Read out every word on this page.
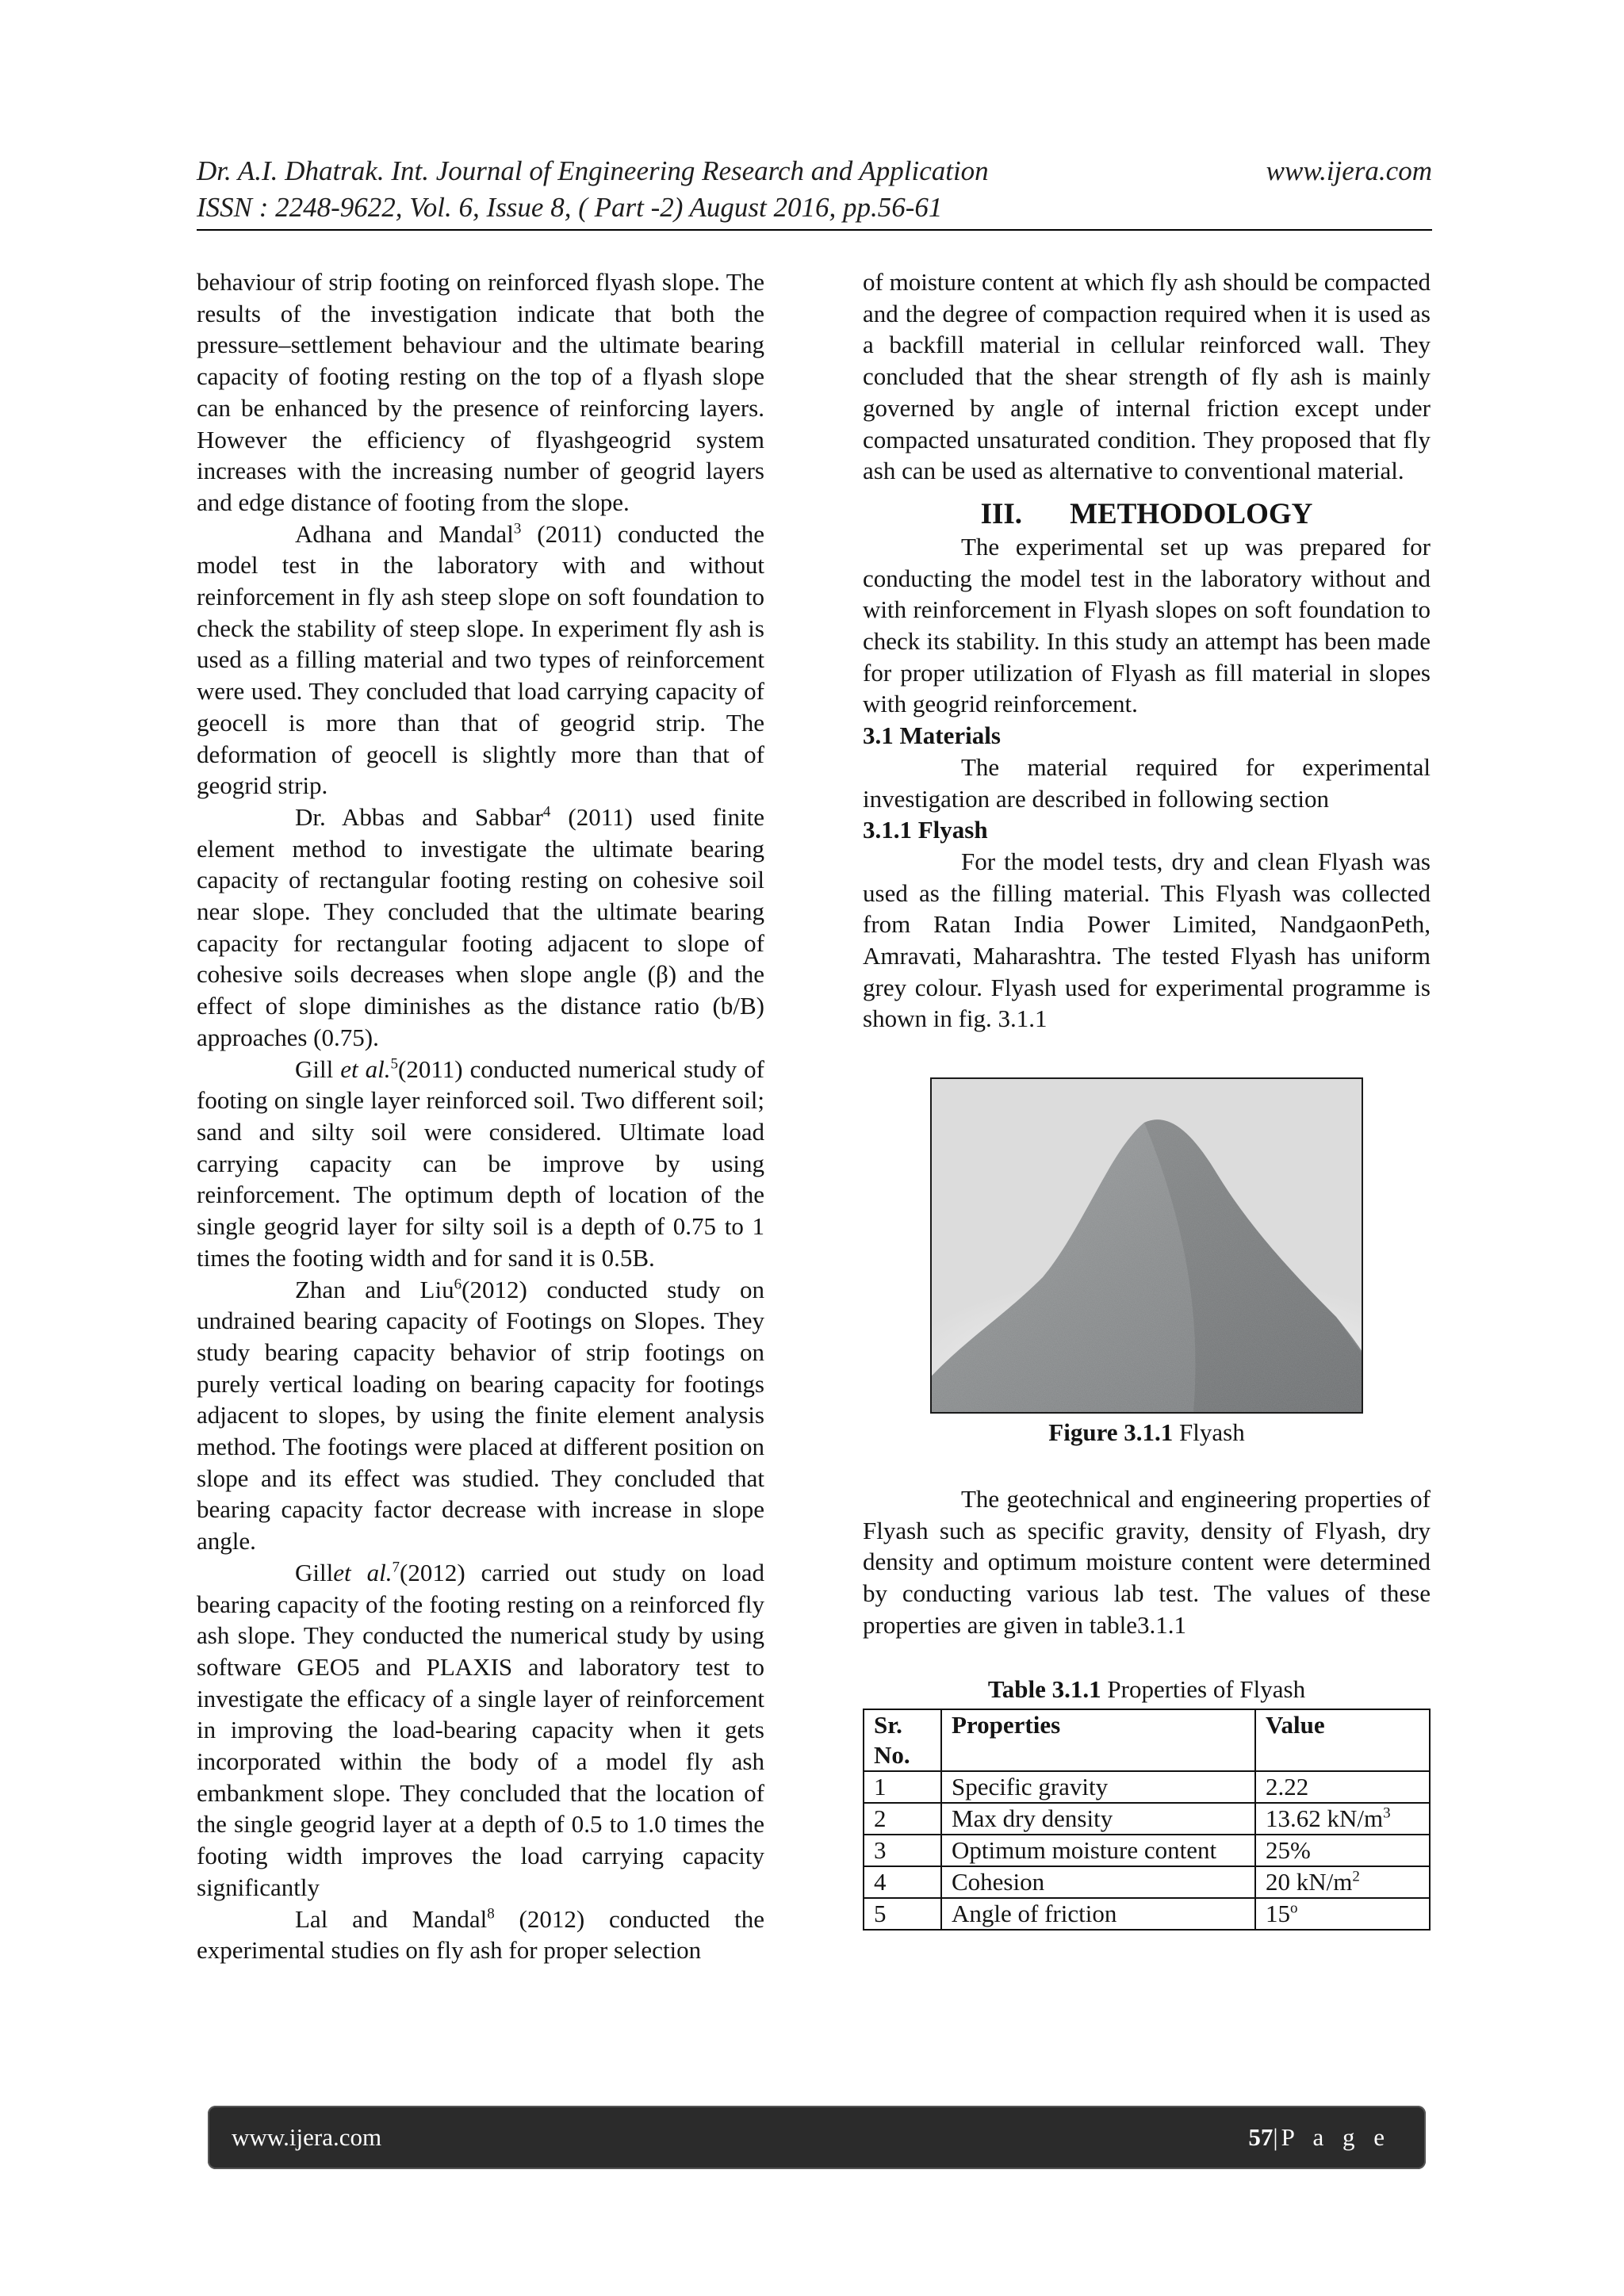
Dr. A.I. Dhatrak. Int. Journal of Engineering Research and Application	www.ijera.com
ISSN : 2248-9622, Vol. 6, Issue 8, ( Part -2) August 2016, pp.56-61

behaviour of strip footing on reinforced flyash slope. The results of the investigation indicate that both the pressure–settlement behaviour and the ultimate bearing capacity of footing resting on the top of a flyash slope can be enhanced by the presence of reinforcing layers. However the efficiency of flyashgeogrid system increases with the increasing number of geogrid layers and edge distance of footing from the slope.

Adhana and Mandal$^3$ (2011) conducted the model test in the laboratory with and without reinforcement in fly ash steep slope on soft foundation to check the stability of steep slope. In experiment fly ash is used as a filling material and two types of reinforcement were used. They concluded that load carrying capacity of geocell is more than that of geogrid strip. The deformation of geocell is slightly more than that of geogrid strip.

Dr. Abbas and Sabbar$^4$ (2011) used finite element method to investigate the ultimate bearing capacity of rectangular footing resting on cohesive soil near slope. They concluded that the ultimate bearing capacity for rectangular footing adjacent to slope of cohesive soils decreases when slope angle (β) and the effect of slope diminishes as the distance ratio (b/B) approaches (0.75).

Gill et al.$^5$(2011) conducted numerical study of footing on single layer reinforced soil. Two different soil; sand and silty soil were considered. Ultimate load carrying capacity can be improve by using reinforcement. The optimum depth of location of the single geogrid layer for silty soil is a depth of 0.75 to 1 times the footing width and for sand it is 0.5B.

Zhan and Liu$^6$(2012) conducted study on undrained bearing capacity of Footings on Slopes. They study bearing capacity behavior of strip footings on purely vertical loading on bearing capacity for footings adjacent to slopes, by using the finite element analysis method. The footings were placed at different position on slope and its effect was studied. They concluded that bearing capacity factor decrease with increase in slope angle.

Gillet al.$^7$(2012) carried out study on load bearing capacity of the footing resting on a reinforced fly ash slope. They conducted the numerical study by using software GEO5 and PLAXIS and laboratory test to investigate the efficacy of a single layer of reinforcement in improving the load-bearing capacity when it gets incorporated within the body of a model fly ash embankment slope. They concluded that the location of the single geogrid layer at a depth of 0.5 to 1.0 times the footing width improves the load carrying capacity significantly

Lal and Mandal$^8$ (2012) conducted the experimental studies on fly ash for proper selection

of moisture content at which fly ash should be compacted and the degree of compaction required when it is used as a backfill material in cellular reinforced wall. They concluded that the shear strength of fly ash is mainly governed by angle of internal friction except under compacted unsaturated condition. They proposed that fly ash can be used as alternative to conventional material.

III. METHODOLOGY

The experimental set up was prepared for conducting the model test in the laboratory without and with reinforcement in Flyash slopes on soft foundation to check its stability. In this study an attempt has been made for proper utilization of Flyash as fill material in slopes with geogrid reinforcement.

3.1 Materials

The material required for experimental investigation are described in following section

3.1.1 Flyash

For the model tests, dry and clean Flyash was used as the filling material. This Flyash was collected from Ratan India Power Limited, NandgaonPeth, Amravati, Maharashtra. The tested Flyash has uniform grey colour. Flyash used for experimental programme is shown in fig. 3.1.1

Figure 3.1.1 Flyash

The geotechnical and engineering properties of Flyash such as specific gravity, density of Flyash, dry density and optimum moisture content were determined by conducting various lab test. The values of these properties are given in table3.1.1

Table 3.1.1 Properties of Flyash
Sr. No.	Properties	Value
1	Specific gravity	2.22
2	Max dry density	13.62 $kN/m^3$
3	Optimum moisture content	25%
4	Cohesion	20 $kN/m^2$
5	Angle of friction	15$^o$
www.ijera.com	57| P a g e
